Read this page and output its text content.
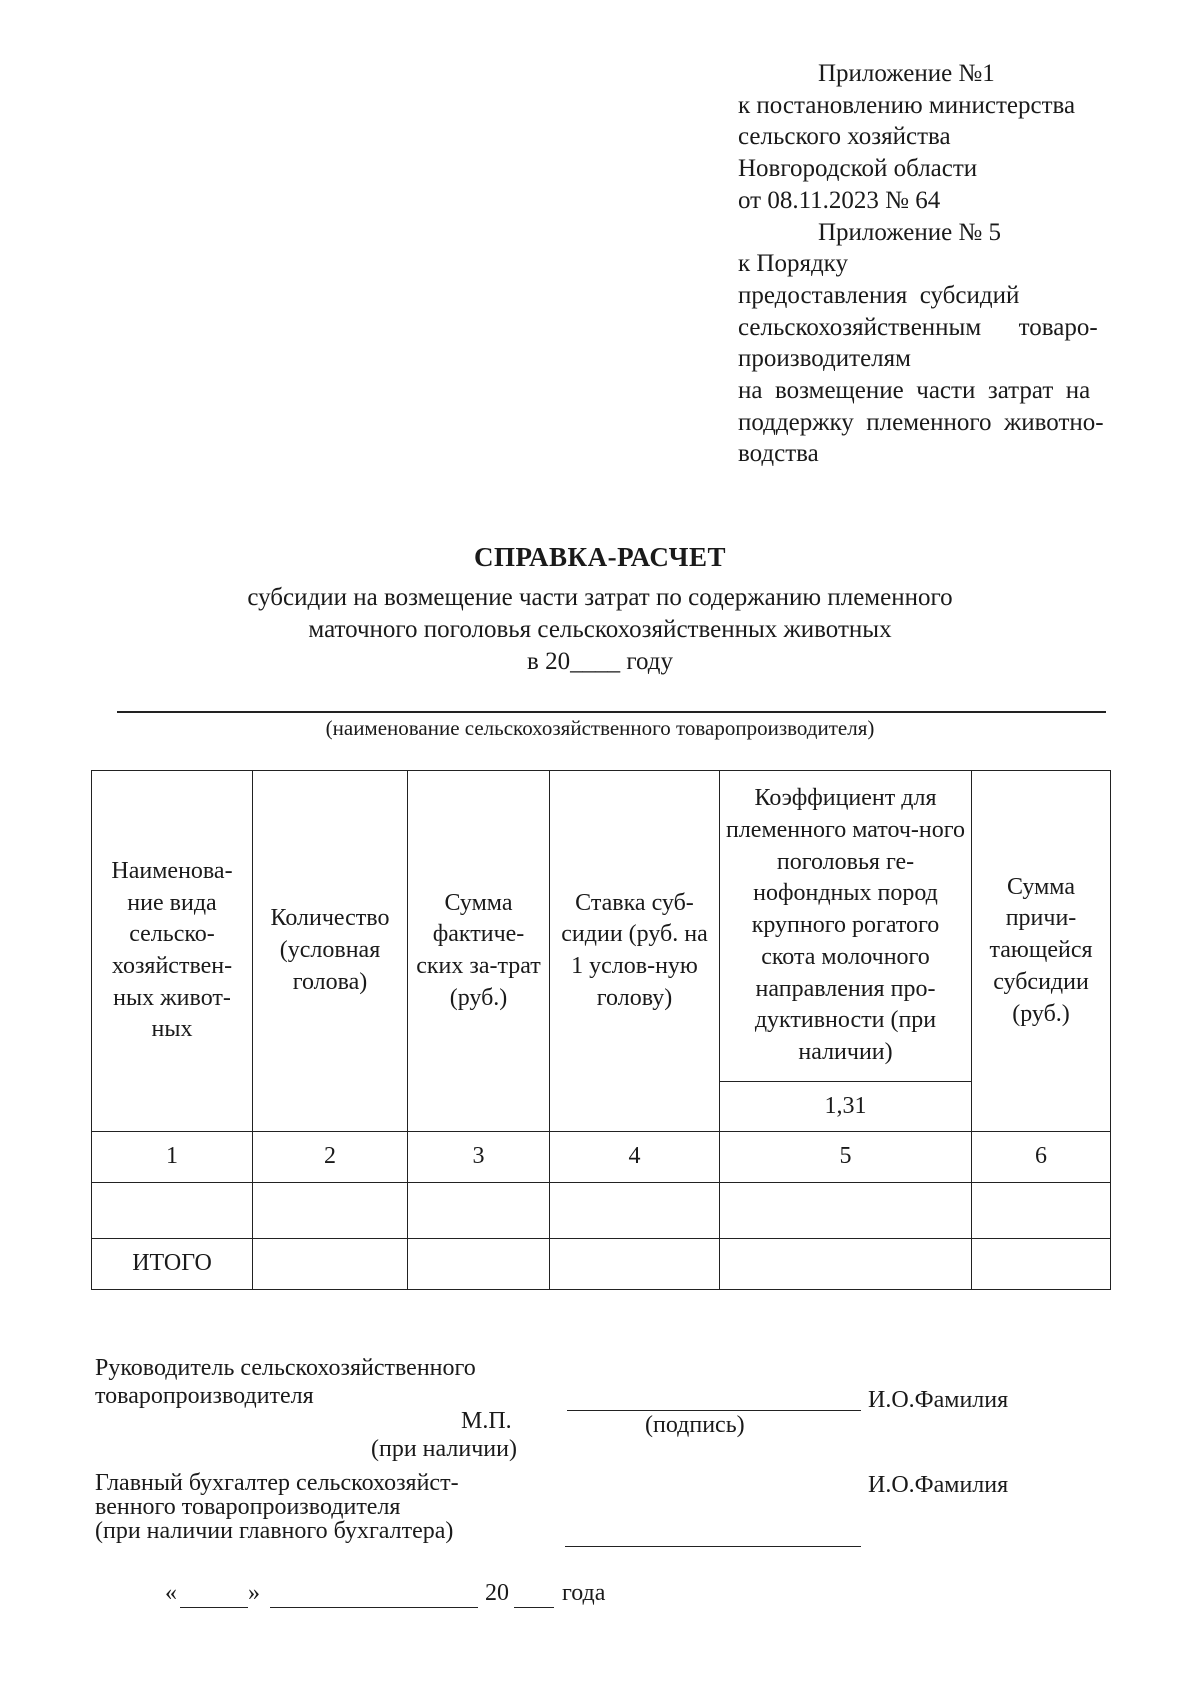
Приложение №1
к постановлению министерства
сельского хозяйства
Новгородской области
от 08.11.2023 № 64
Приложение № 5
к Порядку
предоставления  субсидий
сельскохозяйственным      товаро-
производителям
на  возмещение  части  затрат  на
поддержку  племенного  животно-
водства
СПРАВКА-РАСЧЕТ
субсидии на возмещение части затрат по содержанию племенного
маточного поголовья сельскохозяйственных животных
в 20____ году
(наименование сельскохозяйственного товаропроизводителя)
Наименова-ние вида сельско-хозяйствен-ных живот-ных	Количество (условная голова)	Сумма фактиче-ских за-трат (руб.)	Ставка суб-сидии (руб. на 1 услов-ную голову)	Коэффициент для племенного маточ-ного поголовья ге-нофондных пород крупного рогатого скота молочного направления про-дуктивности (при наличии)	Сумма причи-тающейся субсидии (руб.)
				1,31	
1	2	3	4	5	6

ИТОГО					
Руководитель сельскохозяйственного
товаропроизводителя	И.О.Фамилия
М.П.	(подпись)
(при наличии)
Главный бухгалтер сельскохозяйст-
венного товаропроизводителя
(при наличии главного бухгалтера)
И.О.Фамилия
«	»	20 года
